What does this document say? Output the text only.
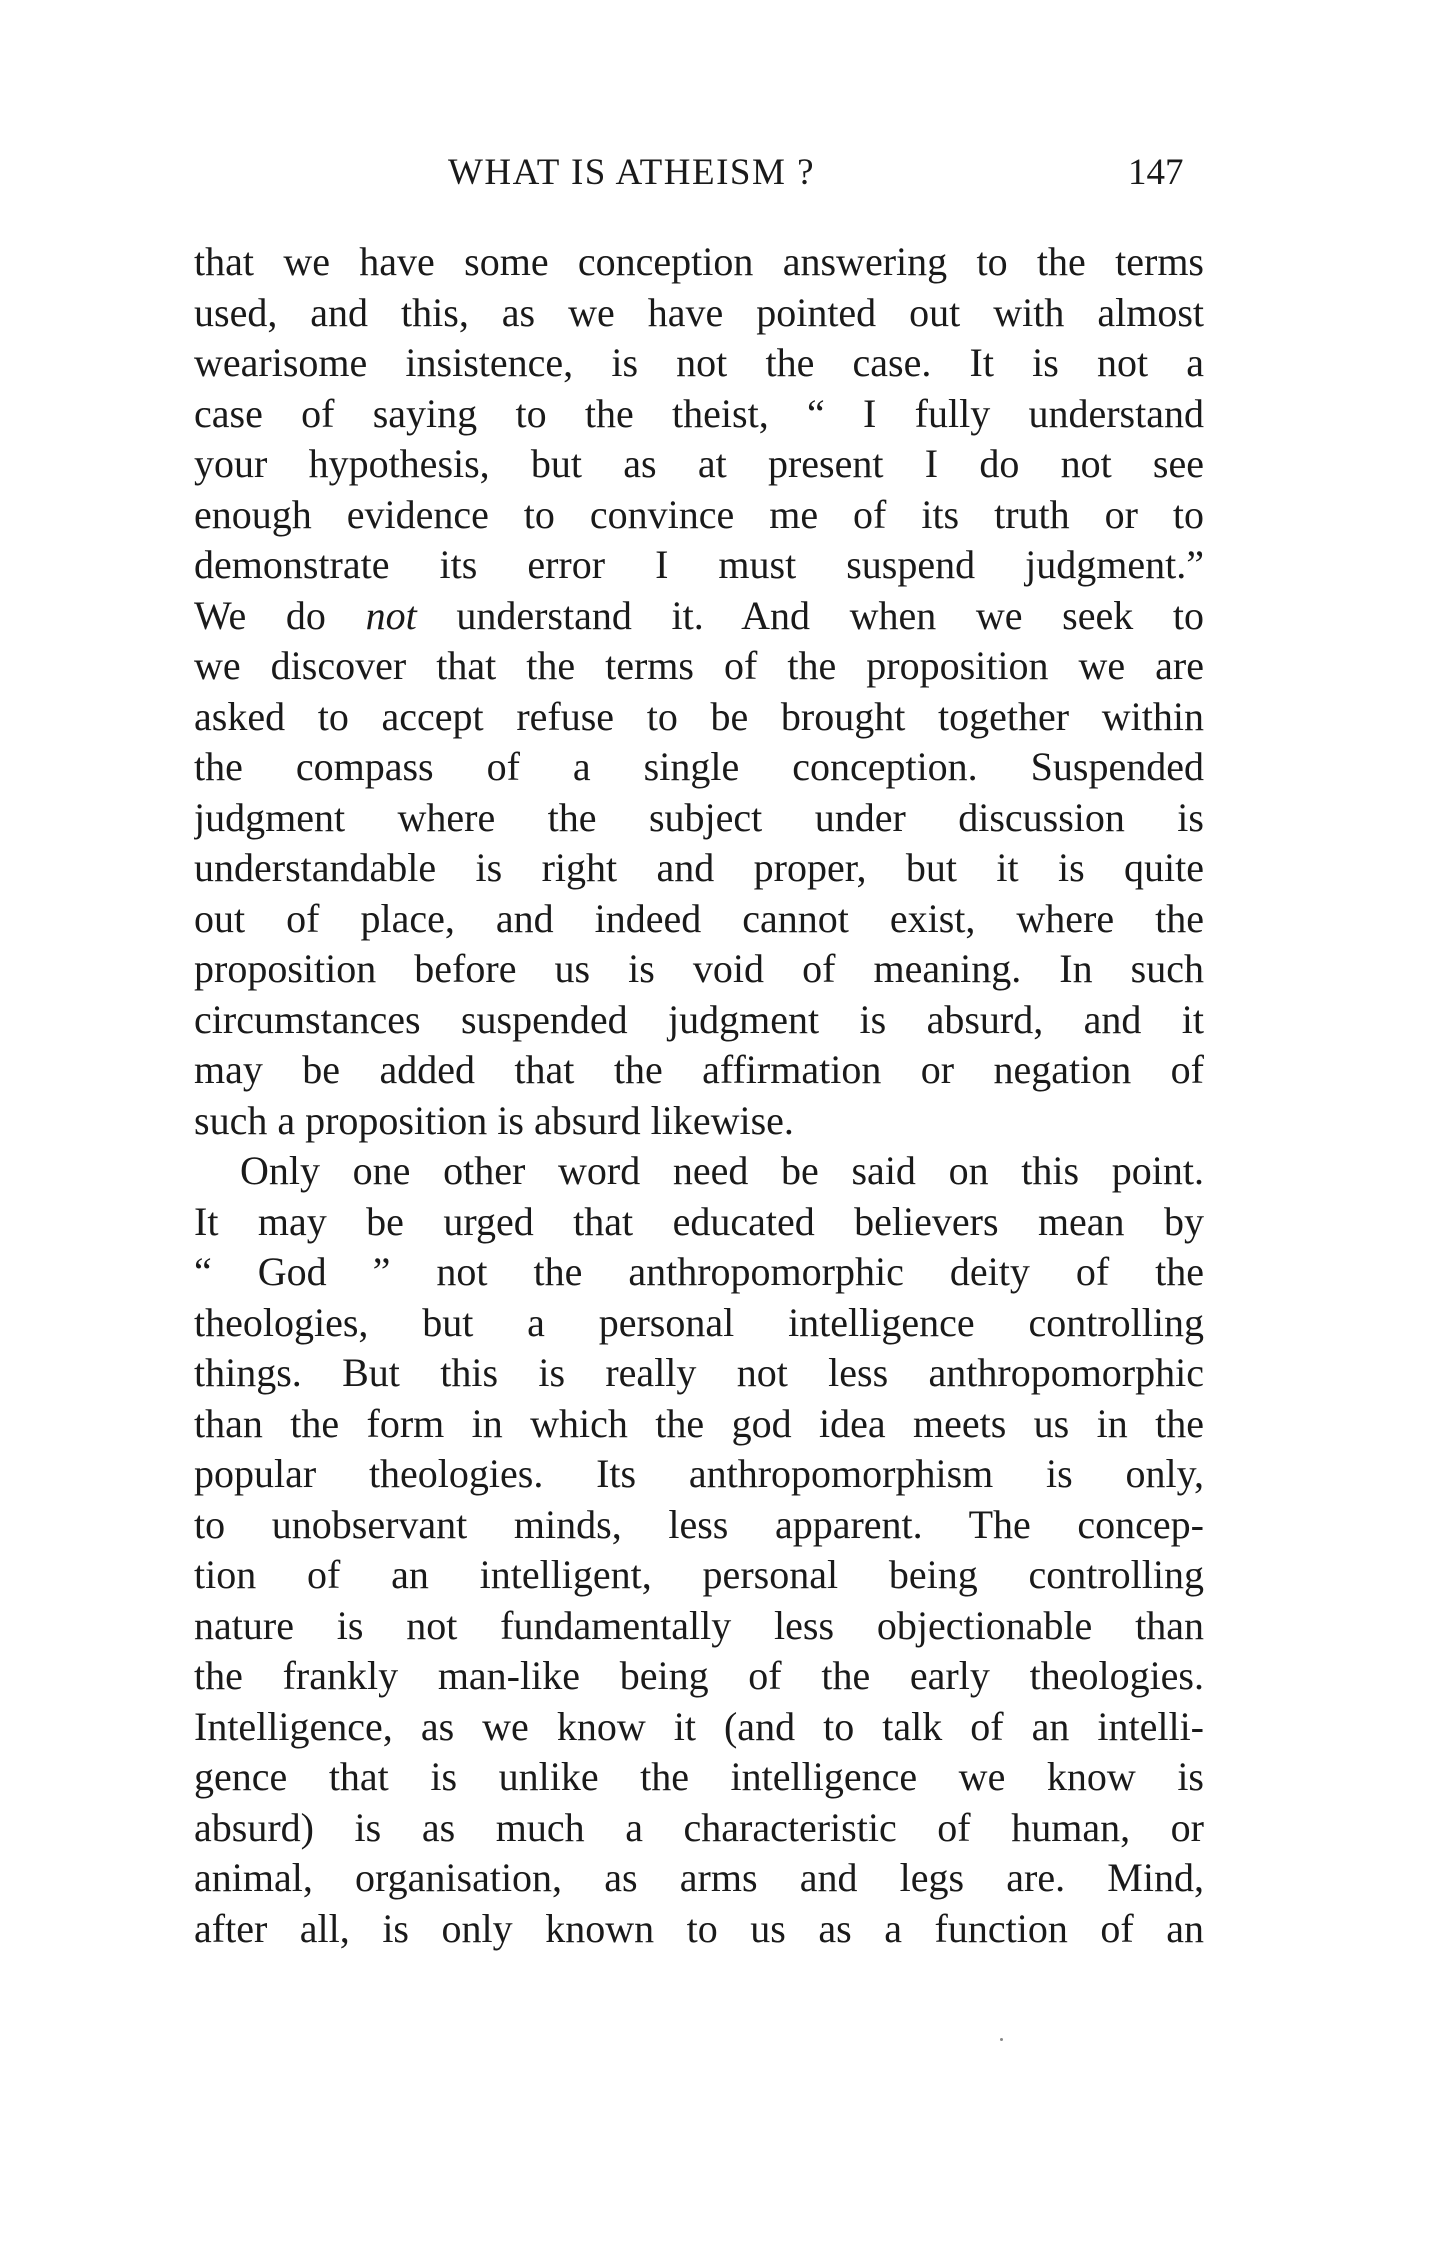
WHAT IS ATHEISM ?	147
that we have some conception answering to the terms
used, and this, as we have pointed out with almost
wearisome insistence, is not the case. It is not a
case of saying to the theist, “ I fully understand
your hypothesis, but as at present I do not see
enough evidence to convince me of its truth or to
demonstrate its error I must suspend judgment.”
We do not understand it. And when we seek to
we discover that the terms of the proposition we are
asked to accept refuse to be brought together within
the compass of a single conception. Suspended
judgment where the subject under discussion is
understandable is right and proper, but it is quite
out of place, and indeed cannot exist, where the
proposition before us is void of meaning. In such
circumstances suspended judgment is absurd, and it
may be added that the affirmation or negation of
such a proposition is absurd likewise.
Only one other word need be said on this point.
It may be urged that educated believers mean by
“ God ” not the anthropomorphic deity of the
theologies, but a personal intelligence controlling
things. But this is really not less anthropomorphic
than the form in which the god idea meets us in the
popular theologies. Its anthropomorphism is only,
to unobservant minds, less apparent. The concep-
tion of an intelligent, personal being controlling
nature is not fundamentally less objectionable than
the frankly man-like being of the early theologies.
Intelligence, as we know it (and to talk of an intelli-
gence that is unlike the intelligence we know is
absurd) is as much a characteristic of human, or
animal, organisation, as arms and legs are. Mind,
after all, is only known to us as a function of an
